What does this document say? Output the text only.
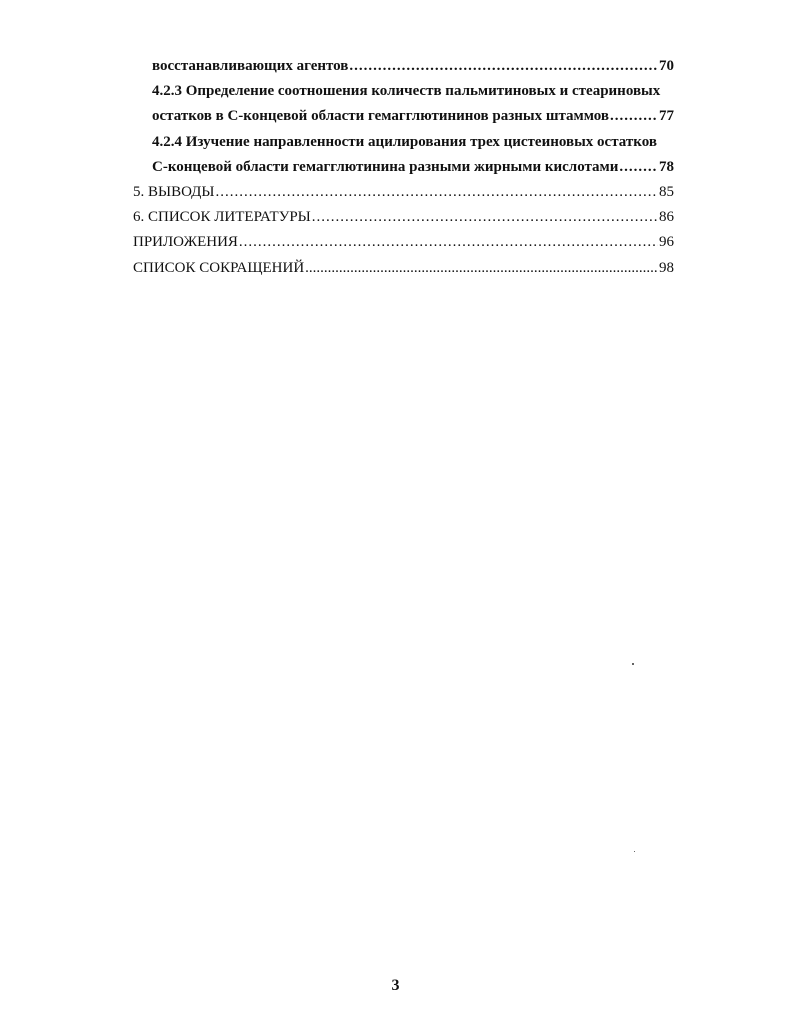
восстанавливающих агентов .....	70
4.2.3 Определение соотношения количеств пальмитиновых и стеариновых
остатков в С-концевой области гемагглютининов разных штаммов .....	77
4.2.4 Изучение направленности ацилирования трех цистеиновых остатков
С-концевой области гемагглютинина разными жирными кислотами .....	78
5. ВЫВОДЫ .....	85
6. СПИСОК ЛИТЕРАТУРЫ .....	86
ПРИЛОЖЕНИЯ .....	96
СПИСОК СОКРАЩЕНИЙ .....	98
3
